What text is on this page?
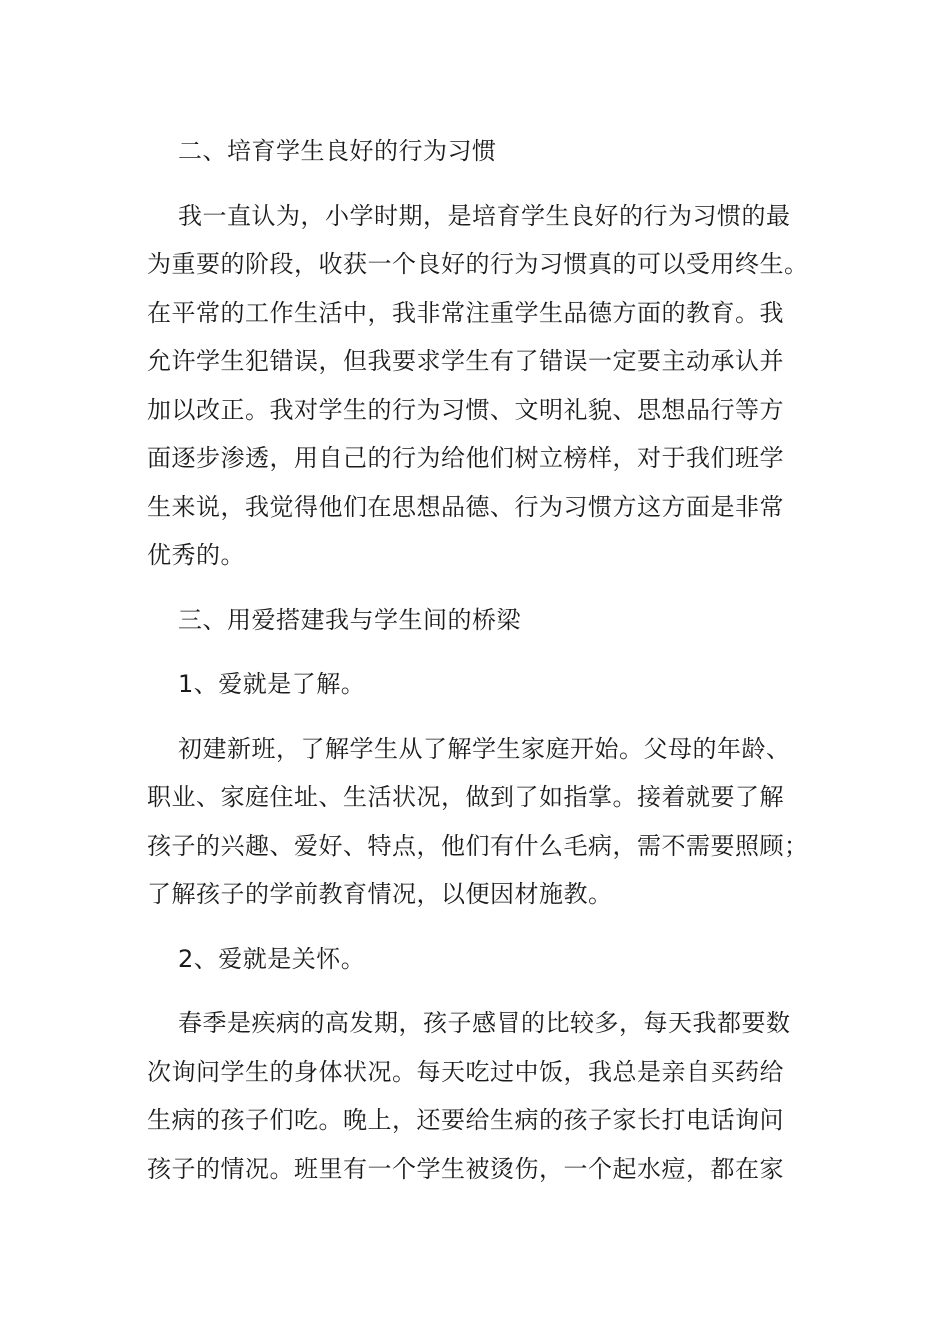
二、培育学生良好的行为习惯

我一直认为，小学时期，是培育学生良好的行为习惯的最
为重要的阶段，收获一个良好的行为习惯真的可以受用终生。
在平常的工作生活中，我非常注重学生品德方面的教育。我
允许学生犯错误，但我要求学生有了错误一定要主动承认并
加以改正。我对学生的行为习惯、文明礼貌、思想品行等方
面逐步渗透，用自己的行为给他们树立榜样，对于我们班学
生来说，我觉得他们在思想品德、行为习惯方这方面是非常
优秀的。

三、用爱搭建我与学生间的桥梁

1、爱就是了解。

初建新班，了解学生从了解学生家庭开始。父母的年龄、
职业、家庭住址、生活状况，做到了如指掌。接着就要了解
孩子的兴趣、爱好、特点，他们有什么毛病，需不需要照顾；
了解孩子的学前教育情况，以便因材施教。

2、爱就是关怀。

春季是疾病的高发期，孩子感冒的比较多，每天我都要数
次询问学生的身体状况。每天吃过中饭，我总是亲自买药给
生病的孩子们吃。晚上，还要给生病的孩子家长打电话询问
孩子的情况。班里有一个学生被烫伤，一个起水痘，都在家
